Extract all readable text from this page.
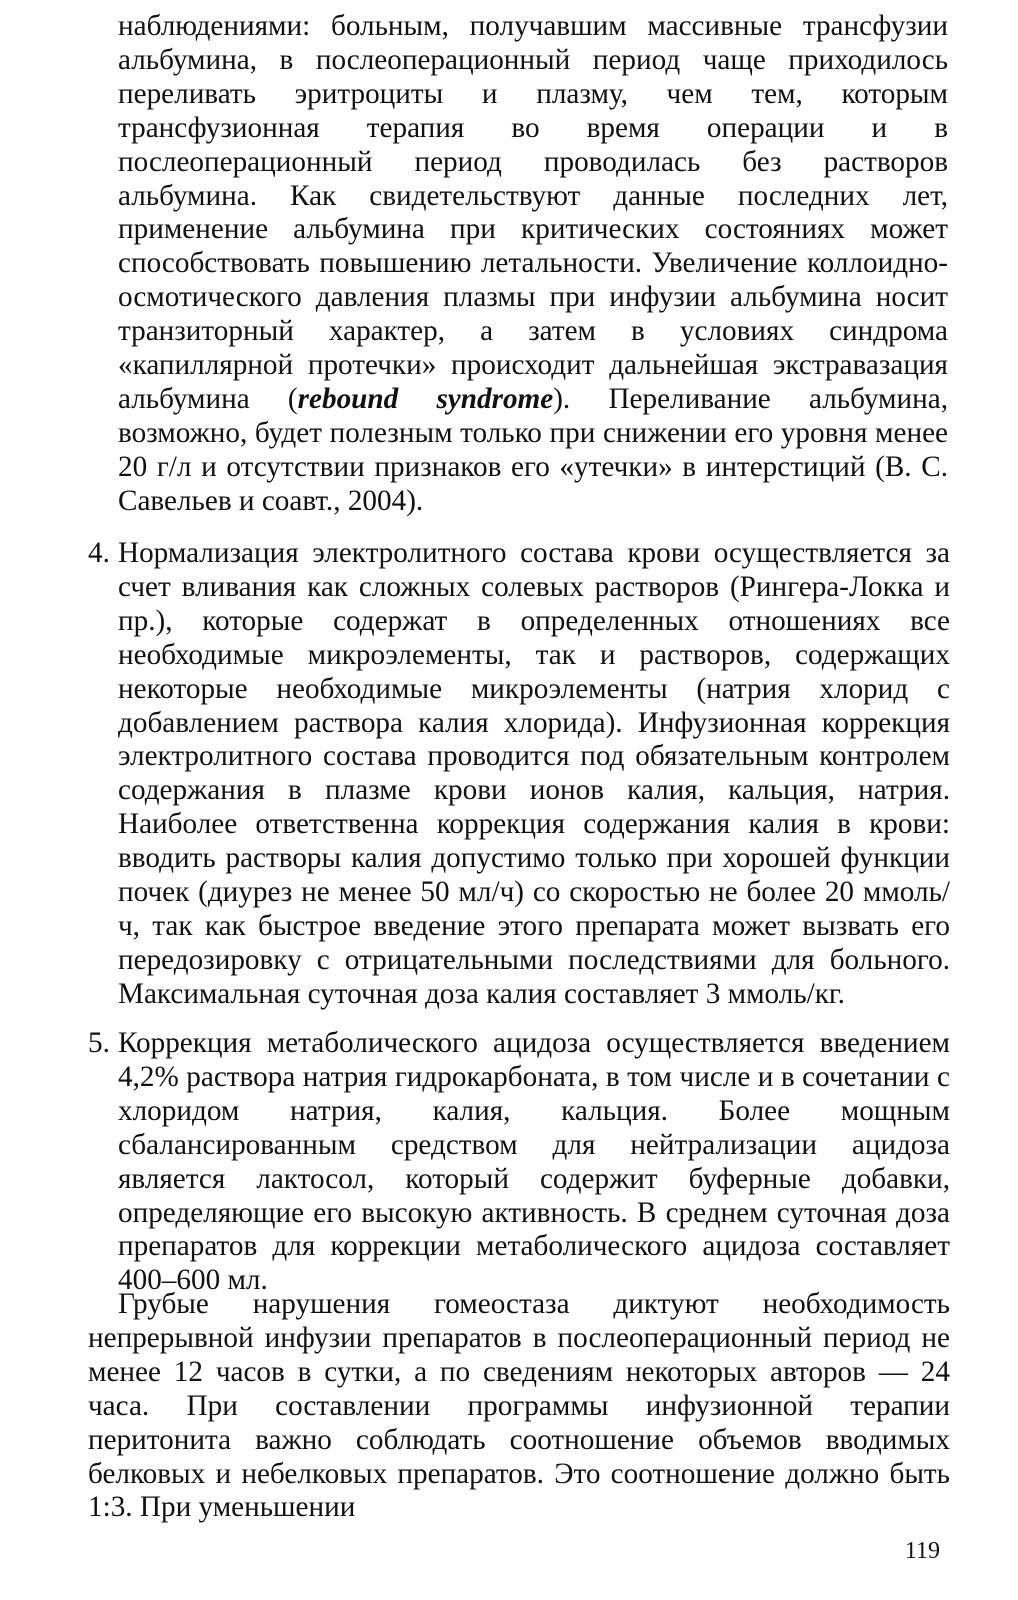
наблюдениями: больным, получавшим массивные трансфузии альбумина, в послеоперационный период чаще приходилось переливать эритроциты и плазму, чем тем, которым трансфузионная терапия во время операции и в послеоперационный период проводилась без растворов альбумина. Как свидетельствуют данные последних лет, применение альбумина при критических состояниях может способствовать повышению летальности. Увеличение коллоидно-осмотического давления плазмы при инфузии альбумина носит транзиторный характер, а затем в условиях синдрома «капиллярной протечки» происходит дальнейшая экстравазация альбумина (rebound syndrome). Переливание альбумина, возможно, будет полезным только при снижении его уровня менее 20 г/л и отсутствии признаков его «утечки» в интерстиций (В. С. Савельев и соавт., 2004).
4. Нормализация электролитного состава крови осуществляется за счет вливания как сложных солевых растворов (Рингера-Локка и пр.), которые содержат в определенных отношениях все необходимые микроэлементы, так и растворов, содержащих некоторые необходимые микроэлементы (натрия хлорид с добавлением раствора калия хлорида). Инфузионная коррекция электролитного состава проводится под обязательным контролем содержания в плазме крови ионов калия, кальция, натрия. Наиболее ответственна коррекция содержания калия в крови: вводить растворы калия допустимо только при хорошей функции почек (диурез не менее 50 мл/ч) со скоростью не более 20 ммоль/ч, так как быстрое введение этого препарата может вызвать его передозировку с отрицательными последствиями для больного. Максимальная суточная доза калия составляет 3 ммоль/кг.
5. Коррекция метаболического ацидоза осуществляется введением 4,2% раствора натрия гидрокарбоната, в том числе и в сочетании с хлоридом натрия, калия, кальция. Более мощным сбалансированным средством для нейтрализации ацидоза является лактосол, который содержит буферные добавки, определяющие его высокую активность. В среднем суточная доза препаратов для коррекции метаболического ацидоза составляет 400–600 мл.
Грубые нарушения гомеостаза диктуют необходимость непрерывной инфузии препаратов в послеоперационный период не менее 12 часов в сутки, а по сведениям некоторых авторов — 24 часа. При составлении программы инфузионной терапии перитонита важно соблюдать соотношение объемов вводимых белковых и небелковых препаратов. Это соотношение должно быть 1:3. При уменьшении
119
